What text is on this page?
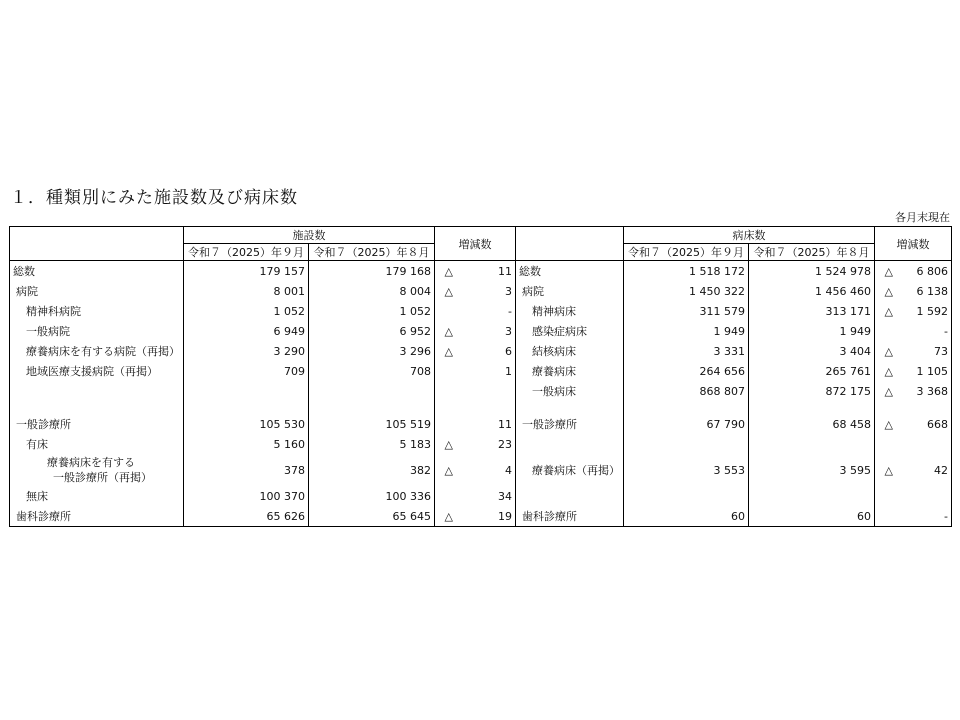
１．種類別にみた施設数及び病床数
各月末現在
	施設数		増減数			病床数		増減数	
	令和７（2025）年９月	令和７（2025）年８月				令和７（2025）年９月	令和７（2025）年８月		
総数	179 157	179 168	△	11	総数	1 518 172	1 524 978	△	6 806
病院	8 001	8 004	△	3	病院	1 450 322	1 456 460	△	6 138
精神科病院	1 052	1 052		-	精神病床	311 579	313 171	△	1 592
一般病院	6 949	6 952	△	3	感染症病床	1 949	1 949		-
療養病床を有する病院（再掲）	3 290	3 296	△	6	結核病床	3 331	3 404	△	73
地域医療支援病院（再掲）	709	708		1	療養病床	264 656	265 761	△	1 105
					一般病床	868 807	872 175	△	3 368

一般診療所	105 530	105 519		11	一般診療所	67 790	68 458	△	668
有床	5 160	5 183	△	23					

療養病床を有する
一般診療所（再掲）	378	382	△	4	療養病床（再掲）	3 553	3 595	△	42
無床	100 370	100 336		34					
歯科診療所	65 626	65 645	△	19	歯科診療所	60	60		-
